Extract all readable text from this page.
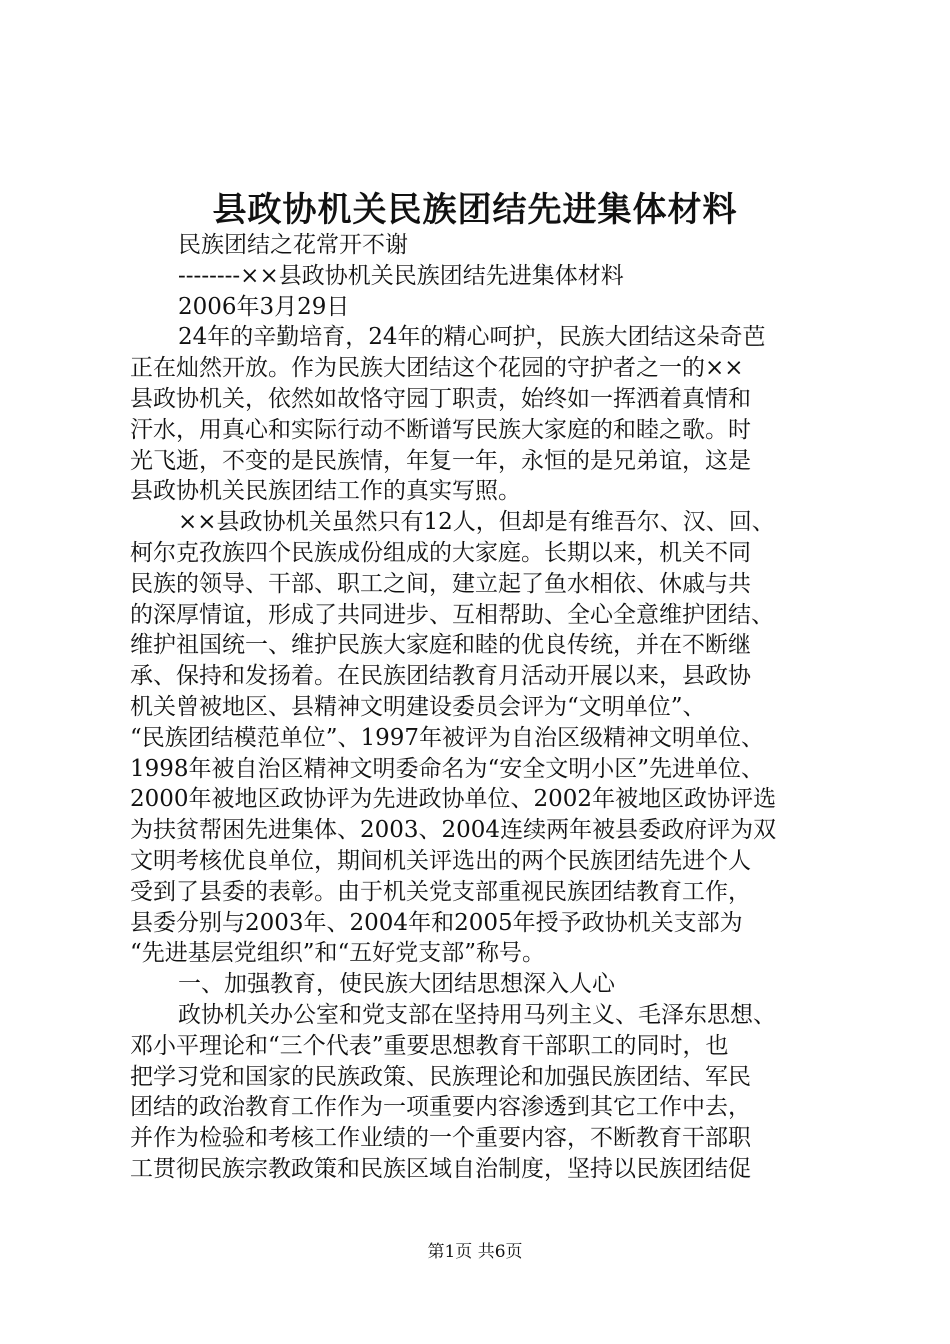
县政协机关民族团结先进集体材料
民族团结之花常开不谢
--------××县政协机关民族团结先进集体材料
2006年3月29日
24年的辛勤培育，24年的精心呵护，民族大团结这朵奇芭
正在灿然开放。作为民族大团结这个花园的守护者之一的××
县政协机关，依然如故恪守园丁职责，始终如一挥洒着真情和
汗水，用真心和实际行动不断谱写民族大家庭的和睦之歌。时
光飞逝，不变的是民族情，年复一年，永恒的是兄弟谊，这是
县政协机关民族团结工作的真实写照。
××县政协机关虽然只有12人，但却是有维吾尔、汉、回、
柯尔克孜族四个民族成份组成的大家庭。长期以来，机关不同
民族的领导、干部、职工之间，建立起了鱼水相依、休戚与共
的深厚情谊，形成了共同进步、互相帮助、全心全意维护团结、
维护祖国统一、维护民族大家庭和睦的优良传统，并在不断继
承、保持和发扬着。在民族团结教育月活动开展以来，县政协
机关曾被地区、县精神文明建设委员会评为“文明单位”、
“民族团结模范单位”、1997年被评为自治区级精神文明单位、
1998年被自治区精神文明委命名为“安全文明小区”先进单位、
2000年被地区政协评为先进政协单位、2002年被地区政协评选
为扶贫帮困先进集体、2003、2004连续两年被县委政府评为双
文明考核优良单位，期间机关评选出的两个民族团结先进个人
受到了县委的表彰。由于机关党支部重视民族团结教育工作，
县委分别与2003年、2004年和2005年授予政协机关支部为
“先进基层党组织”和“五好党支部”称号。
一、加强教育，使民族大团结思想深入人心
政协机关办公室和党支部在坚持用马列主义、毛泽东思想、
邓小平理论和“三个代表”重要思想教育干部职工的同时，也
把学习党和国家的民族政策、民族理论和加强民族团结、军民
团结的政治教育工作作为一项重要内容渗透到其它工作中去，
并作为检验和考核工作业绩的一个重要内容，不断教育干部职
工贯彻民族宗教政策和民族区域自治制度，坚持以民族团结促
第1页 共6页
